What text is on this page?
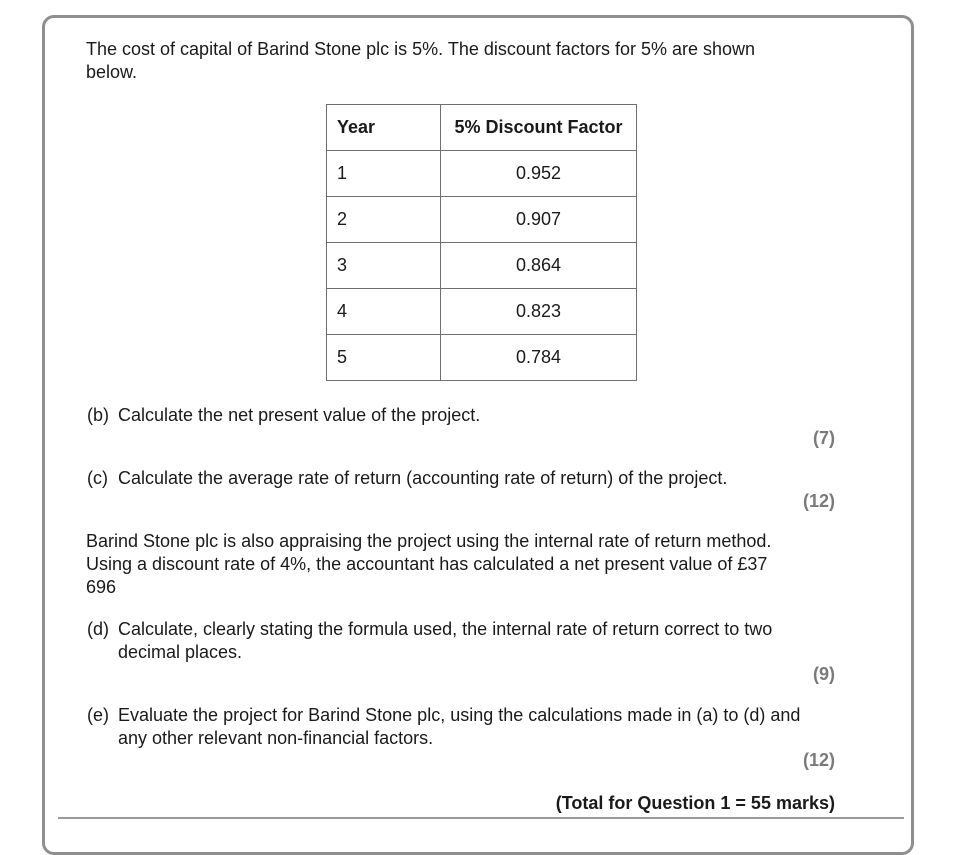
The cost of capital of Barind Stone plc is 5%. The discount factors for 5% are shown below.

Year	5% Discount Factor
1	0.952
2	0.907
3	0.864
4	0.823
5	0.784
(b) Calculate the net present value of the project.
(7)
(c) Calculate the average rate of return (accounting rate of return) of the project.
(12)

Barind Stone plc is also appraising the project using the internal rate of return method. Using a discount rate of 4%, the accountant has calculated a net present value of £37 696

(d) Calculate, clearly stating the formula used, the internal rate of return correct to two decimal places.
(9)
(e) Evaluate the project for Barind Stone plc, using the calculations made in (a) to (d) and any other relevant non-financial factors.
(12)
(Total for Question 1 = 55 marks)
